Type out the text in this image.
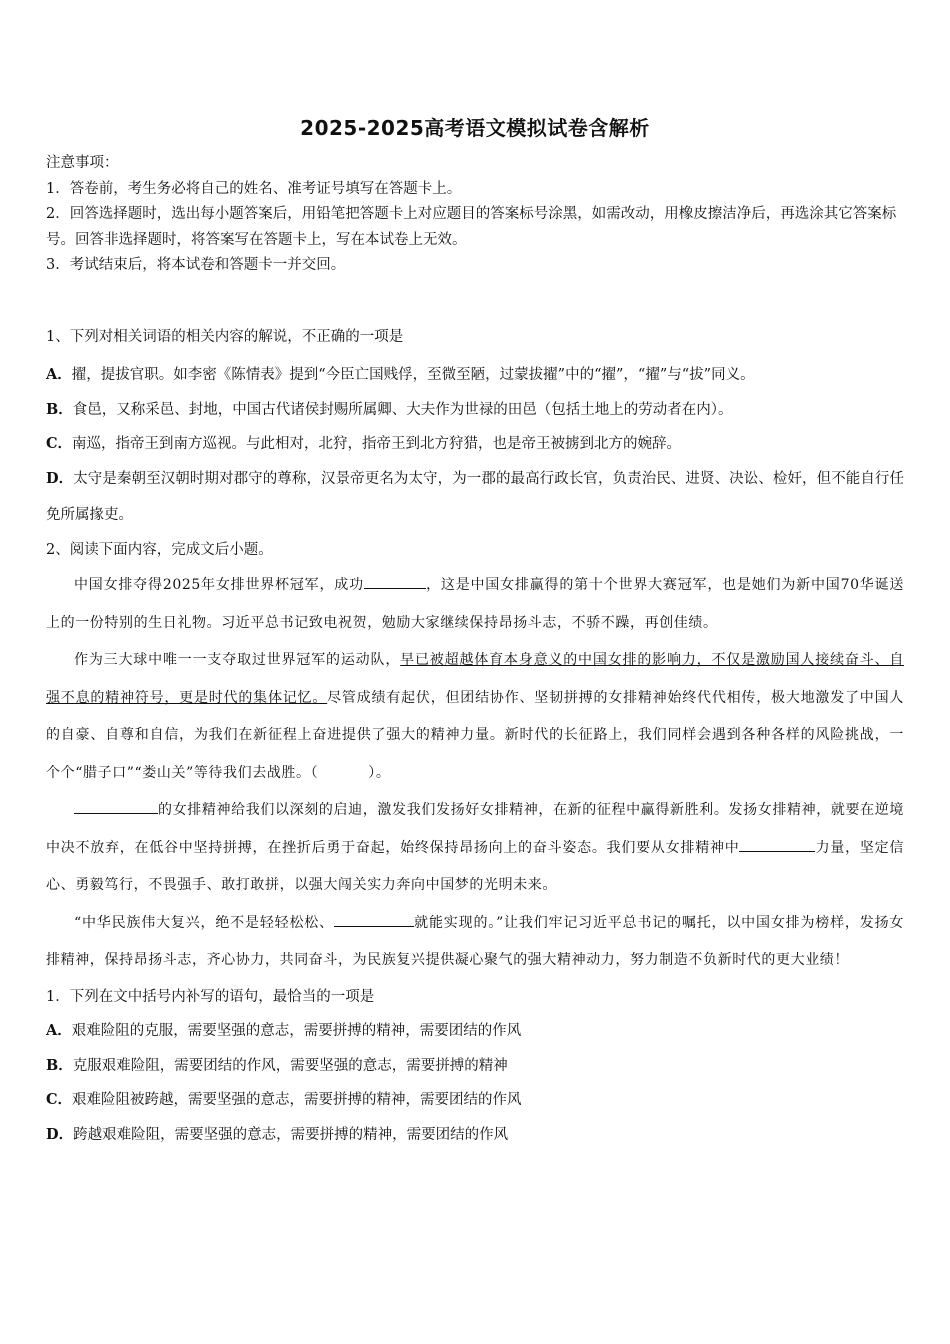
2025-2025高考语文模拟试卷含解析

注意事项：

1．答卷前，考生务必将自己的姓名、准考证号填写在答题卡上。

2．回答选择题时，选出每小题答案后，用铅笔把答题卡上对应题目的答案标号涂黑，如需改动，用橡皮擦洁净后，再选涂其它答案标号。回答非选择题时，将答案写在答题卡上，写在本试卷上无效。

3．考试结束后，将本试卷和答题卡一并交回。

1、下列对相关词语的相关内容的解说，不正确的一项是

A．擢，提拔官职。如李密《陈情表》提到“今臣亡国贱俘，至微至陋，过蒙拔擢”中的“擢”，“擢”与“拔”同义。

B．食邑，又称采邑、封地，中国古代诸侯封赐所属卿、大夫作为世禄的田邑（包括土地上的劳动者在内）。

C．南巡，指帝王到南方巡视。与此相对，北狩，指帝王到北方狩猎，也是帝王被掳到北方的婉辞。

D．太守是秦朝至汉朝时期对郡守的尊称，汉景帝更名为太守，为一郡的最高行政长官，负责治民、进贤、决讼、检奸，但不能自行任免所属掾吏。

2、阅读下面内容，完成文后小题。

中国女排夺得2025年女排世界杯冠军，成功	，这是中国女排赢得的第十个世界大赛冠军，也是她们为新中国70华诞送上的一份特别的生日礼物。习近平总书记致电祝贺，勉励大家继续保持昂扬斗志，不骄不躁，再创佳绩。

作为三大球中唯一一支夺取过世界冠军的运动队，早已被超越体育本身意义的中国女排的影响力，不仅是激励国人接续奋斗、自强不息的精神符号，更是时代的集体记忆。尽管成绩有起伏，但团结协作、坚韧拼搏的女排精神始终代代相传，极大地激发了中国人的自豪、自尊和自信，为我们在新征程上奋进提供了强大的精神力量。新时代的长征路上，我们同样会遇到各种各样的风险挑战，一个个“腊子口”“娄山关”等待我们去战胜。（	）。

的女排精神给我们以深刻的启迪，激发我们发扬好女排精神，在新的征程中赢得新胜利。发扬女排精神，就要在逆境中决不放弃，在低谷中坚持拼搏，在挫折后勇于奋起，始终保持昂扬向上的奋斗姿态。我们要从女排精神中	力量，坚定信心、勇毅笃行，不畏强手、敢打敢拼，以强大闯关实力奔向中国梦的光明未来。

“中华民族伟大复兴，绝不是轻轻松松、	就能实现的。”让我们牢记习近平总书记的嘱托，以中国女排为榜样，发扬女排精神，保持昂扬斗志，齐心协力，共同奋斗，为民族复兴提供凝心聚气的强大精神动力，努力制造不负新时代的更大业绩！

1．下列在文中括号内补写的语句，最恰当的一项是

A．艰难险阻的克服，需要坚强的意志，需要拼搏的精神，需要团结的作风

B．克服艰难险阻，需要团结的作风，需要坚强的意志，需要拼搏的精神

C．艰难险阻被跨越，需要坚强的意志，需要拼搏的精神，需要团结的作风

D．跨越艰难险阻，需要坚强的意志，需要拼搏的精神，需要团结的作风
